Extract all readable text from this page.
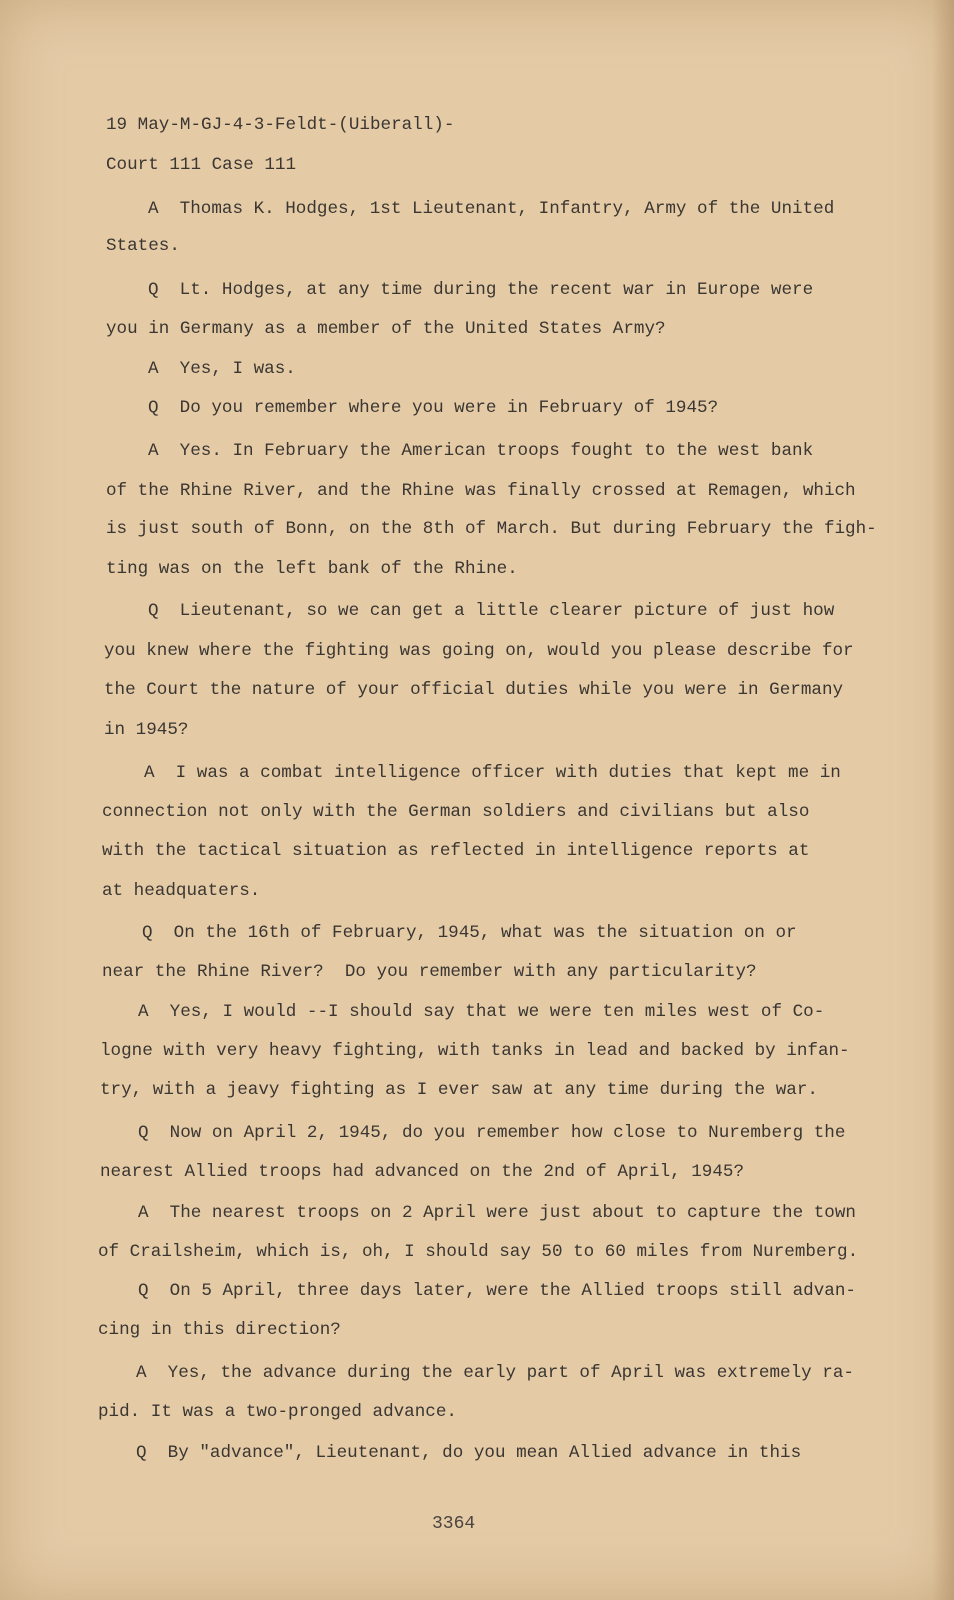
19 May-M-GJ-4-3-Feldt-(Uiberall)-
Court 111 Case 111
A  Thomas K. Hodges, 1st Lieutenant, Infantry, Army of the United
States.
Q  Lt. Hodges, at any time during the recent war in Europe were
you in Germany as a member of the United States Army?
A  Yes, I was.
Q  Do you remember where you were in February of 1945?
A  Yes. In February the American troops fought to the west bank
of the Rhine River, and the Rhine was finally crossed at Remagen, which
is just south of Bonn, on the 8th of March. But during February the figh-
ting was on the left bank of the Rhine.
Q  Lieutenant, so we can get a little clearer picture of just how
you knew where the fighting was going on, would you please describe for
the Court the nature of your official duties while you were in Germany
in 1945?
A  I was a combat intelligence officer with duties that kept me in
connection not only with the German soldiers and civilians but also
with the tactical situation as reflected in intelligence reports at
at headquaters.
Q  On the 16th of February, 1945, what was the situation on or
near the Rhine River?  Do you remember with any particularity?
A  Yes, I would --I should say that we were ten miles west of Co-
logne with very heavy fighting, with tanks in lead and backed by infan-
try, with a jeavy fighting as I ever saw at any time during the war.
Q  Now on April 2, 1945, do you remember how close to Nuremberg the
nearest Allied troops had advanced on the 2nd of April, 1945?
A  The nearest troops on 2 April were just about to capture the town
of Crailsheim, which is, oh, I should say 50 to 60 miles from Nuremberg.
Q  On 5 April, three days later, were the Allied troops still advan-
cing in this direction?
A  Yes, the advance during the early part of April was extremely ra-
pid. It was a two-pronged advance.
Q  By "advance", Lieutenant, do you mean Allied advance in this
3364
